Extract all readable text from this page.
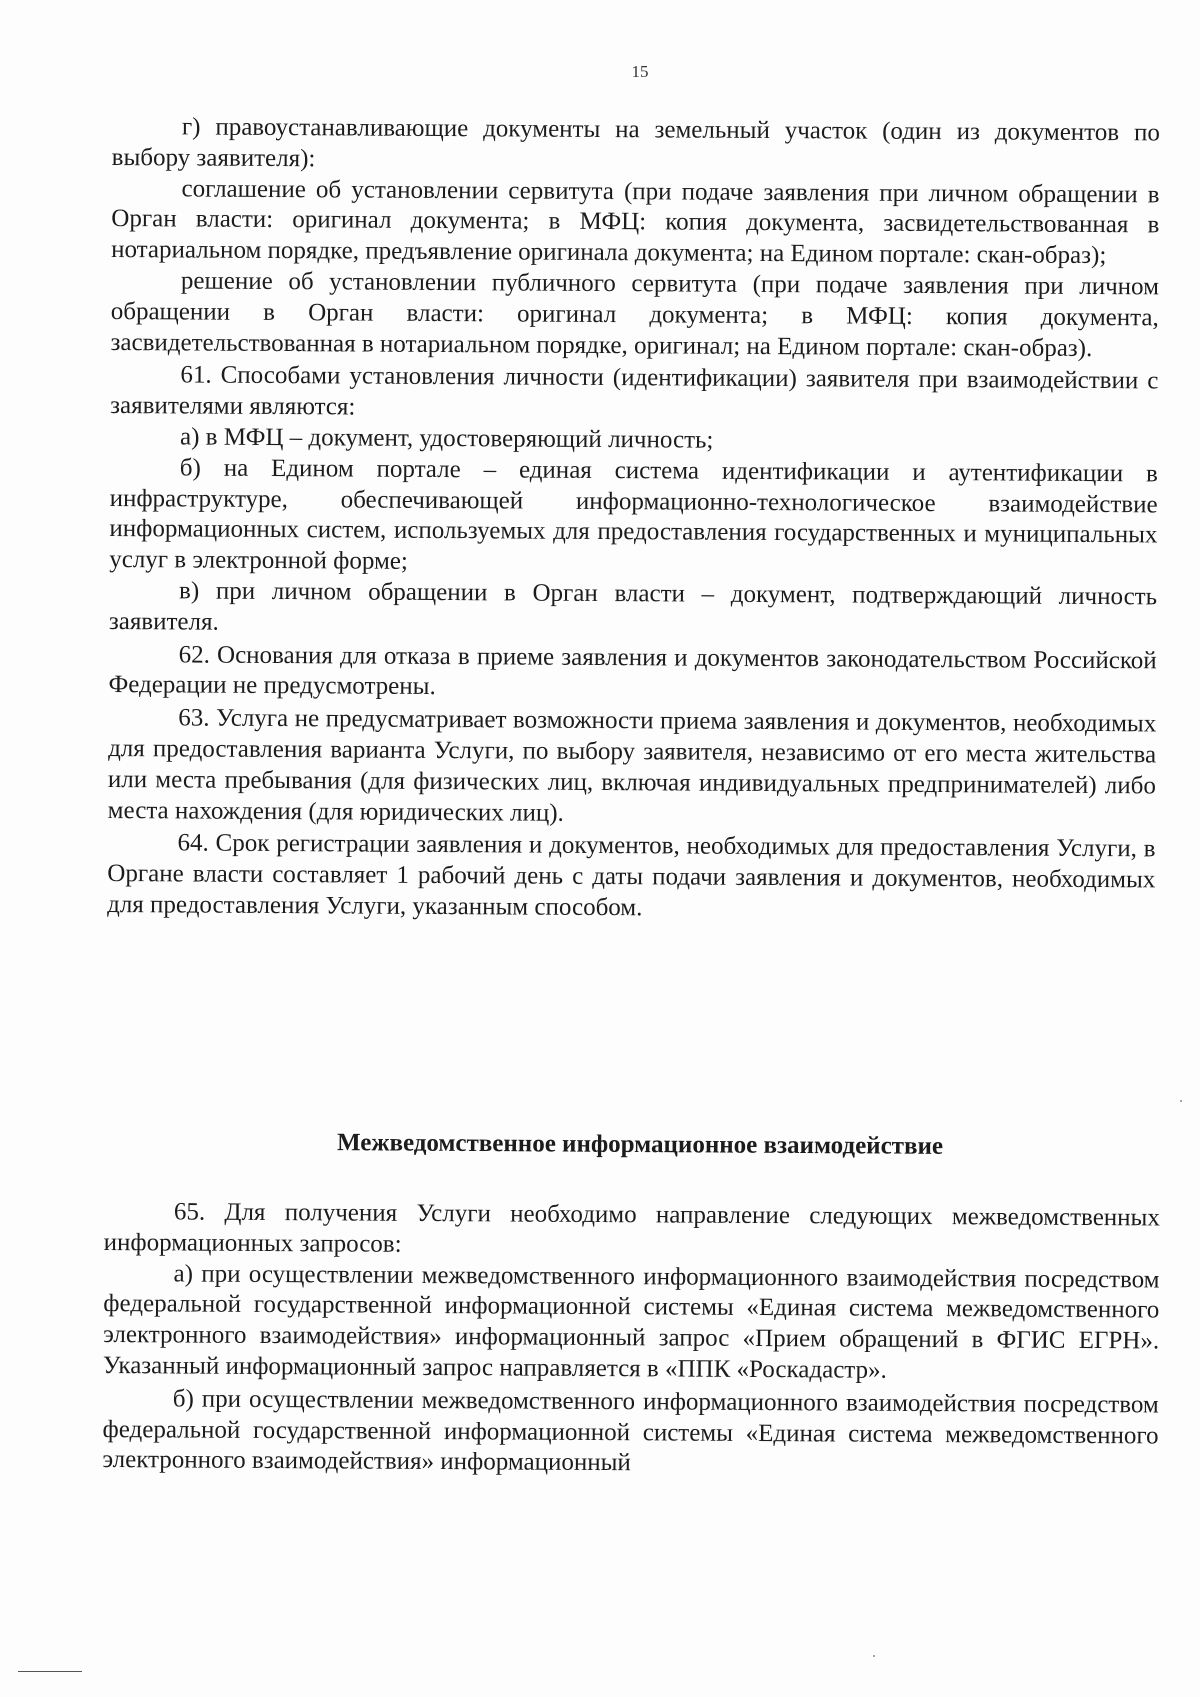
15

г) правоустанавливающие документы на земельный участок (один из документов по выбору заявителя):

соглашение об установлении сервитута (при подаче заявления при личном обращении в Орган власти: оригинал документа; в МФЦ: копия документа, засвидетельствованная в нотариальном порядке, предъявление оригинала документа; на Едином портале: скан-образ);

решение об установлении публичного сервитута (при подаче заявления при личном обращении в Орган власти: оригинал документа; в МФЦ: копия документа, засвидетельствованная в нотариальном порядке, оригинал; на Едином портале: скан-образ).

61. Способами установления личности (идентификации) заявителя при взаимодействии с заявителями являются:

а) в МФЦ – документ, удостоверяющий личность;

б) на Едином портале – единая система идентификации и аутентификации в инфраструктуре, обеспечивающей информационно-технологическое взаимодействие информационных систем, используемых для предоставления государственных и муниципальных услуг в электронной форме;

в) при личном обращении в Орган власти – документ, подтверждающий личность заявителя.

62. Основания для отказа в приеме заявления и документов законодательством Российской Федерации не предусмотрены.

63. Услуга не предусматривает возможности приема заявления и документов, необходимых для предоставления варианта Услуги, по выбору заявителя, независимо от его места жительства или места пребывания (для физических лиц, включая индивидуальных предпринимателей) либо места нахождения (для юридических лиц).

64. Срок регистрации заявления и документов, необходимых для предоставления Услуги, в Органе власти составляет 1 рабочий день с даты подачи заявления и документов, необходимых для предоставления Услуги, указанным способом.

Межведомственное информационное взаимодействие

65. Для получения Услуги необходимо направление следующих межведомственных информационных запросов:

а) при осуществлении межведомственного информационного взаимодействия посредством федеральной государственной информационной системы «Единая система межведомственного электронного взаимодействия» информационный запрос «Прием обращений в ФГИС ЕГРН». Указанный информационный запрос направляется в «ППК «Роскадастр».

б) при осуществлении межведомственного информационного взаимодействия посредством федеральной государственной информационной системы «Единая система межведомственного электронного взаимодействия» информационный
